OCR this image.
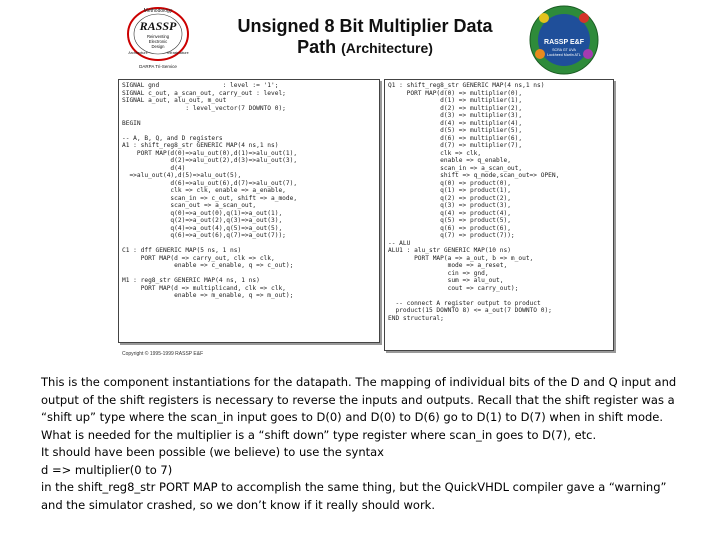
Methodology
RASSP
Reinventing
Electronic
Design
Architecture	Infrastructure
DARPA Tri-Service
Unsigned 8 Bit Multiplier Data
Path (Architecture)	RASSP E&F
SCRA GT UVA
Lockheed Martin ATL
SIGNAL gnd                 : level := '1';
SIGNAL c_out, a_scan_out, carry_out : level;
SIGNAL a_out, alu_out, m_out
: level_vector(7 DOWNTO 0);

BEGIN

-- A, B, Q, and D registers
A1 : shift_reg8_str GENERIC MAP(4 ns,1 ns)
PORT MAP(d(0)=>alu_out(0),d(1)=>alu_out(1),
d(2)=>alu_out(2),d(3)=>alu_out(3),
d(4)
=>alu_out(4),d(5)=>alu_out(5),
d(6)=>alu_out(6),d(7)=>alu_out(7),
clk => clk, enable => a_enable,
scan_in => c_out, shift => a_mode,
scan_out => a_scan_out,
q(0)=>a_out(0),q(1)=>a_out(1),
q(2)=>a_out(2),q(3)=>a_out(3),
q(4)=>a_out(4),q(5)=>a_out(5),
q(6)=>a_out(6),q(7)=>a_out(7));

C1 : dff GENERIC MAP(5 ns, 1 ns)
PORT MAP(d => carry_out, clk => clk,
enable => c_enable, q => c_out);

M1 : reg8_str GENERIC MAP(4 ns, 1 ns)
PORT MAP(d => multiplicand, clk => clk,
enable => m_enable, q => m_out);
Q1 : shift_reg8_str GENERIC MAP(4 ns,1 ns)
PORT MAP(d(0) => multiplier(0),
d(1) => multiplier(1),
d(2) => multiplier(2),
d(3) => multiplier(3),
d(4) => multiplier(4),
d(5) => multiplier(5),
d(6) => multiplier(6),
d(7) => multiplier(7),
clk => clk,
enable => q_enable,
scan_in => a_scan_out,
shift => q_mode,scan_out=> OPEN,
q(0) => product(0),
q(1) => product(1),
q(2) => product(2),
q(3) => product(3),
q(4) => product(4),
q(5) => product(5),
q(6) => product(6),
q(7) => product(7));
-- ALU
ALU1 : alu_str GENERIC MAP(10 ns)
PORT MAP(a => a_out, b => m_out,
mode => a_reset,
cin => gnd,
sum => alu_out,
cout => carry_out);

-- connect A register output to product
product(15 DOWNTO 8) <= a_out(7 DOWNTO 0);
END structural;
Copyright © 1995-1999 RASSP E&F

This is the component instantiations for the datapath. The mapping of individual bits of the D and Q input and

output of the shift registers is necessary to reverse the inputs and outputs. Recall that the shift register was a

“shift up” type where the scan_in input goes to D(0) and D(0) to D(6) go to D(1) to D(7) when in shift mode.

What is needed for the multiplier is a “shift down” type register where scan_in goes to D(7), etc.

It should have been possible (we believe) to use the syntax

d => multiplier(0 to 7)

in the shift_reg8_str PORT MAP to accomplish the same thing, but the QuickVHDL compiler gave a “warning”

and the simulator crashed, so we don’t know if it really should work.
